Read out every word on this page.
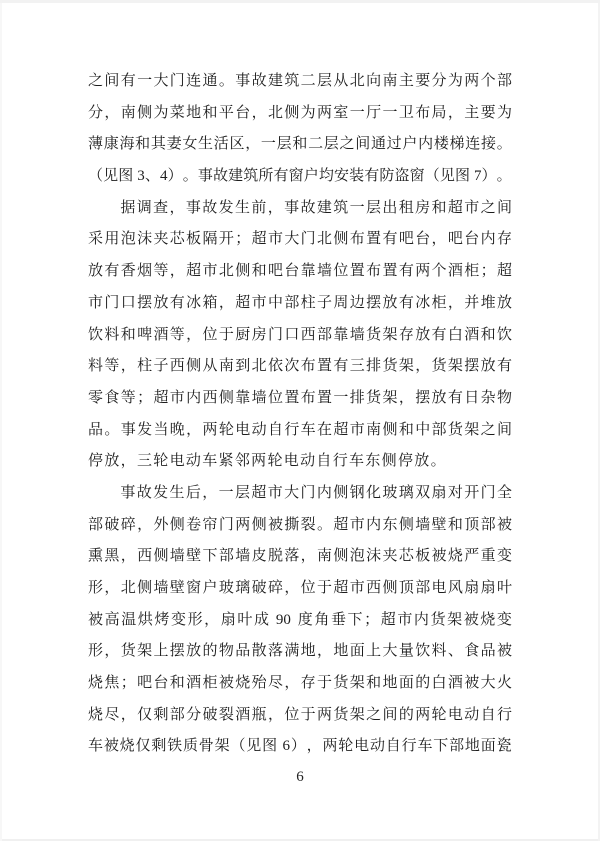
之 间 有 一 大 门 连 通 。 事 故 建 筑 二 层 从 北 向 南 主 要 分 为 两 个 部
分 ， 南 侧 为 菜 地 和 平 台 ， 北 侧 为 两 室 一 厅 一 卫 布 局 ， 主 要 为
薄 康 海 和 其 妻 女 生 活 区 ， 一 层 和 二 层 之 间 通 过 户 内 楼 梯 连 接 。
（ 见 图
3 、 4 ） 。 事 故 建 筑 所 有 窗 户 均 安 装 有 防 盗 窗 （ 见 图
7 ） 。
据 调 查 ， 事 故 发 生 前 ， 事 故 建 筑 一 层 出 租 房 和 超 市 之 间
采 用 泡 沫 夹 芯 板 隔 开 ； 超 市 大 门 北 侧 布 置 有 吧 台 ， 吧 台 内 存
放 有 香 烟 等 ， 超 市 北 侧 和 吧 台 靠 墙 位 置 布 置 有 两 个 酒 柜 ； 超
市 门 口 摆 放 有 冰 箱 ， 超 市 中 部 柱 子 周 边 摆 放 有 冰 柜 ， 并 堆 放
饮 料 和 啤 酒 等 ， 位 于 厨 房 门 口 西 部 靠 墙 货 架 存 放 有 白 酒 和 饮
料 等 ， 柱 子 西 侧 从 南 到 北 依 次 布 置 有 三 排 货 架 ， 货 架 摆 放 有
零 食 等 ； 超 市 内 西 侧 靠 墙 位 置 布 置 一 排 货 架 ， 摆 放 有 日 杂 物
品 。 事 发 当 晚 ， 两 轮 电 动 自 行 车 在 超 市 南 侧 和 中 部 货 架 之 间
停 放 ， 三 轮 电 动 车 紧 邻 两 轮 电 动 自 行 车 东 侧 停 放 。
事 故 发 生 后 ， 一 层 超 市 大 门 内 侧 钢 化 玻 璃 双 扇 对 开 门 全
部 破 碎 ， 外 侧 卷 帘 门 两 侧 被 撕 裂 。 超 市 内 东 侧 墙 壁 和 顶 部 被
熏 黑 ， 西 侧 墙 壁 下 部 墙 皮 脱 落 ， 南 侧 泡 沫 夹 芯 板 被 烧 严 重 变
形 ， 北 侧 墙 壁 窗 户 玻 璃 破 碎 ， 位 于 超 市 西 侧 顶 部 电 风 扇 扇 叶
被 高 温 烘 烤 变 形 ， 扇 叶 成
90
度 角 垂 下 ； 超 市 内 货 架 被 烧 变
形 ， 货 架 上 摆 放 的 物 品 散 落 满 地 ， 地 面 上 大 量 饮 料 、 食 品 被
烧 焦 ； 吧 台 和 酒 柜 被 烧 殆 尽 ， 存 于 货 架 和 地 面 的 白 酒 被 大 火
烧 尽 ， 仅 剩 部 分 破 裂 酒 瓶 ， 位 于 两 货 架 之 间 的 两 轮 电 动 自 行
车 被 烧 仅 剩 铁 质 骨 架 （ 见 图
6 ） ， 两 轮 电 动 自 行 车 下 部 地 面 瓷
6
